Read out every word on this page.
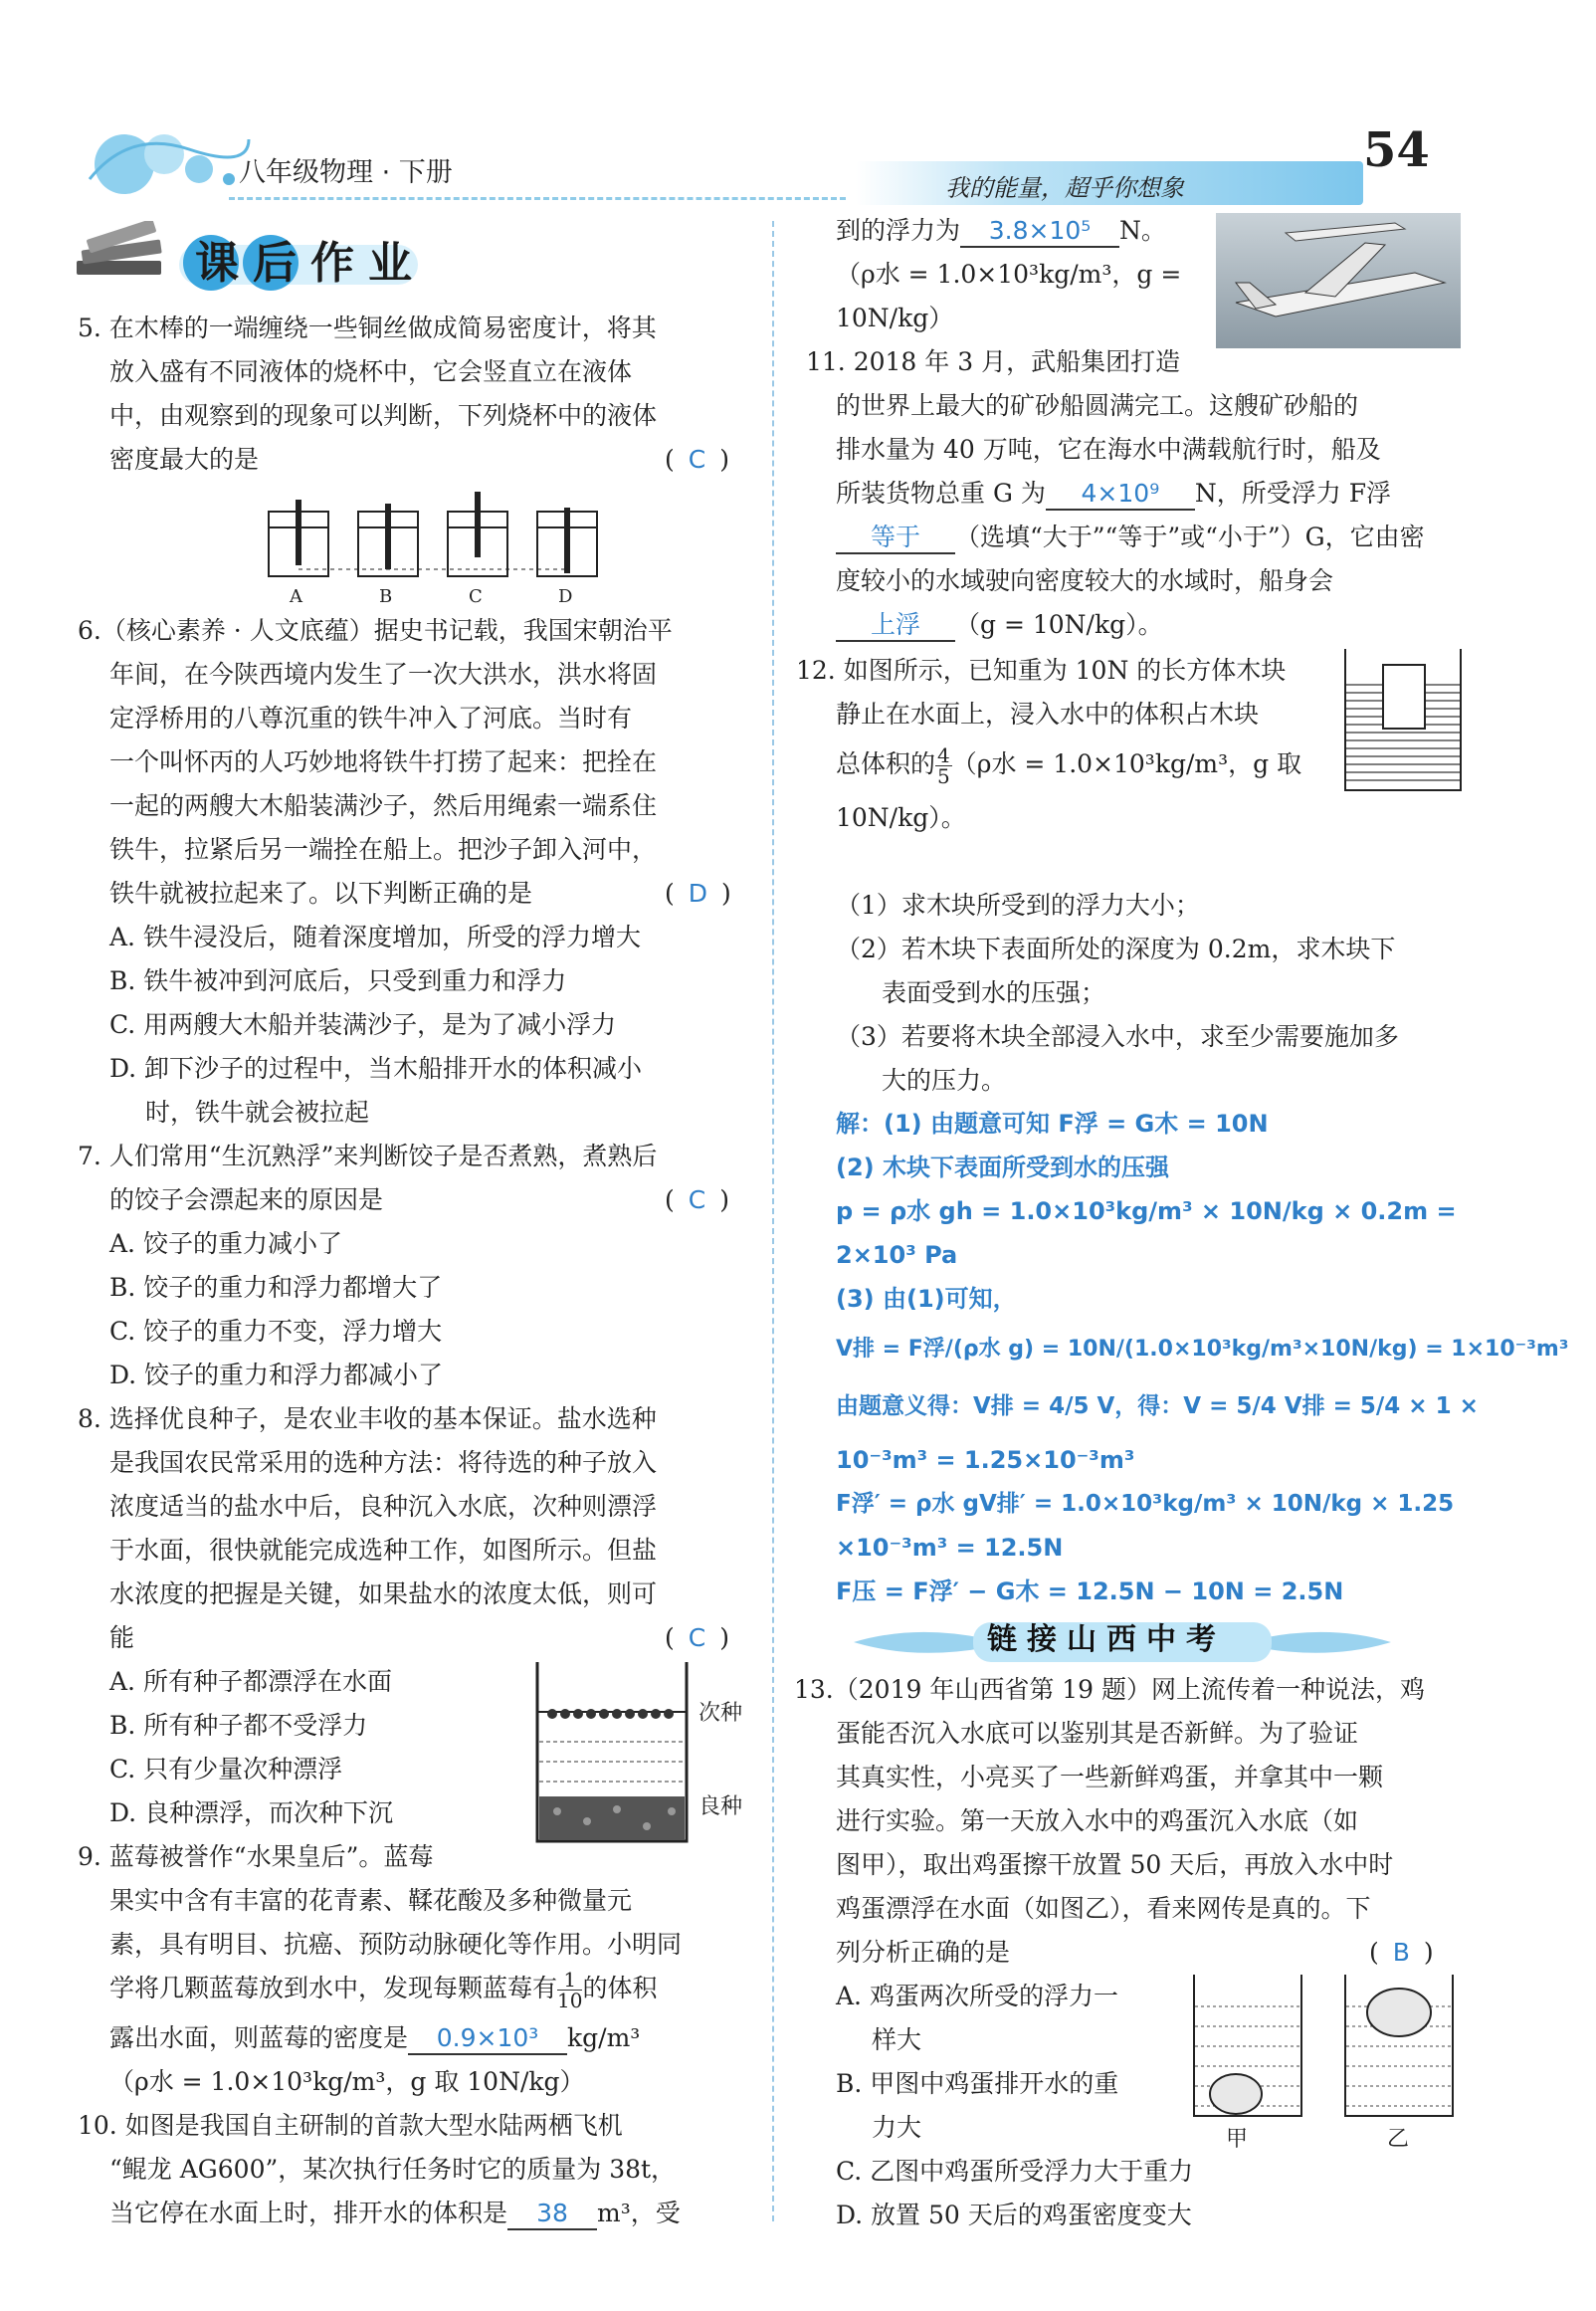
八年级物理 · 下册	我的能量，超乎你想象
54
课后作业
5. 在木棒的一端缠绕一些铜丝做成简易密度计，将其
放入盛有不同液体的烧杯中，它会竖直立在液体
中，由观察到的现象可以判断，下列烧杯中的液体
密度最大的是	( C )
A	B	C	D
6.（核心素养 · 人文底蕴）据史书记载，我国宋朝治平
年间，在今陕西境内发生了一次大洪水，洪水将固
定浮桥用的八尊沉重的铁牛冲入了河底。当时有
一个叫怀丙的人巧妙地将铁牛打捞了起来：把拴在
一起的两艘大木船装满沙子，然后用绳索一端系住
铁牛，拉紧后另一端拴在船上。把沙子卸入河中，
铁牛就被拉起来了。以下判断正确的是	( D )
A. 铁牛浸没后，随着深度增加，所受的浮力增大
B. 铁牛被冲到河底后，只受到重力和浮力
C. 用两艘大木船并装满沙子，是为了减小浮力
D. 卸下沙子的过程中，当木船排开水的体积减小
时，铁牛就会被拉起
7. 人们常用“生沉熟浮”来判断饺子是否煮熟，煮熟后
的饺子会漂起来的原因是	( C )
A. 饺子的重力减小了
B. 饺子的重力和浮力都增大了
C. 饺子的重力不变，浮力增大
D. 饺子的重力和浮力都减小了
8. 选择优良种子，是农业丰收的基本保证。盐水选种
是我国农民常采用的选种方法：将待选的种子放入
浓度适当的盐水中后，良种沉入水底，次种则漂浮
于水面，很快就能完成选种工作，如图所示。但盐
水浓度的把握是关键，如果盐水的浓度太低，则可
能	( C )
A. 所有种子都漂浮在水面
B. 所有种子都不受浮力
C. 只有少量次种漂浮
D. 良种漂浮，而次种下沉
次种
良种
9. 蓝莓被誉作“水果皇后”。蓝莓
果实中含有丰富的花青素、鞣花酸及多种微量元
素，具有明目、抗癌、预防动脉硬化等作用。小明同
学将几颗蓝莓放到水中，发现每颗蓝莓有 $\frac{1}{10}$ 的体积
露出水面，则蓝莓的密度是 0.9×10³ kg/m³
（ρ水 = 1.0×10³kg/m³，g 取 10N/kg）
10. 如图是我国自主研制的首款大型水陆两栖飞机
“鲲龙 AG600”，某次执行任务时它的质量为 38t，
当它停在水面上时，排开水的体积是 38 m³，受
到的浮力为 3.8×10⁵ N。
（ρ水 = 1.0×10³kg/m³，g =
10N/kg）
11. 2018 年 3 月，武船集团打造
的世界上最大的矿砂船圆满完工。这艘矿砂船的
排水量为 40 万吨，它在海水中满载航行时，船及
所装货物总重 G 为 4×10⁹ N，所受浮力 F浮
等于 （选填“大于”“等于”或“小于”）G，它由密
度较小的水域驶向密度较大的水域时，船身会
上浮 （g = 10N/kg）。
12. 如图所示，已知重为 10N 的长方体木块
静止在水面上，浸入水中的体积占木块
总体积的 $\frac{4}{5} (\rho$水 = 1.0×10³kg/m³，g 取
10N/kg）。
（1）求木块所受到的浮力大小；
（2）若木块下表面所处的深度为 0.2m，求木块下
表面受到水的压强；
（3）若要将木块全部浸入水中，求至少需要施加多
大的压力。
解：(1) 由题意可知 F浮 = G木 = 10N
(2) 木块下表面所受到水的压强
p = ρ水 gh = 1.0×10³kg/m³ × 10N/kg × 0.2m =
2×10³ Pa
(3) 由(1)可知，
V排 = F浮/(ρ水 g) = 10N/(1.0×10³kg/m³×10N/kg) = 1×10⁻³m³
由题意义得：V排 = 4/5 V，得：V = 5/4 V排 = 5/4 × 1 ×
10⁻³m³ = 1.25×10⁻³m³
F浮′ = ρ水 gV排′ = 1.0×10³kg/m³ × 10N/kg × 1.25
×10⁻³m³ = 12.5N
F压 = F浮′ − G木 = 12.5N − 10N = 2.5N
链接山西中考
13.（2019 年山西省第 19 题）网上流传着一种说法，鸡
蛋能否沉入水底可以鉴别其是否新鲜。为了验证
其真实性，小亮买了一些新鲜鸡蛋，并拿其中一颗
进行实验。第一天放入水中的鸡蛋沉入水底（如
图甲），取出鸡蛋擦干放置 50 天后，再放入水中时
鸡蛋漂浮在水面（如图乙），看来网传是真的。下
列分析正确的是	( B )
A. 鸡蛋两次所受的浮力一
样大
B. 甲图中鸡蛋排开水的重
力大
C. 乙图中鸡蛋所受浮力大于重力
D. 放置 50 天后的鸡蛋密度变大
甲	乙
